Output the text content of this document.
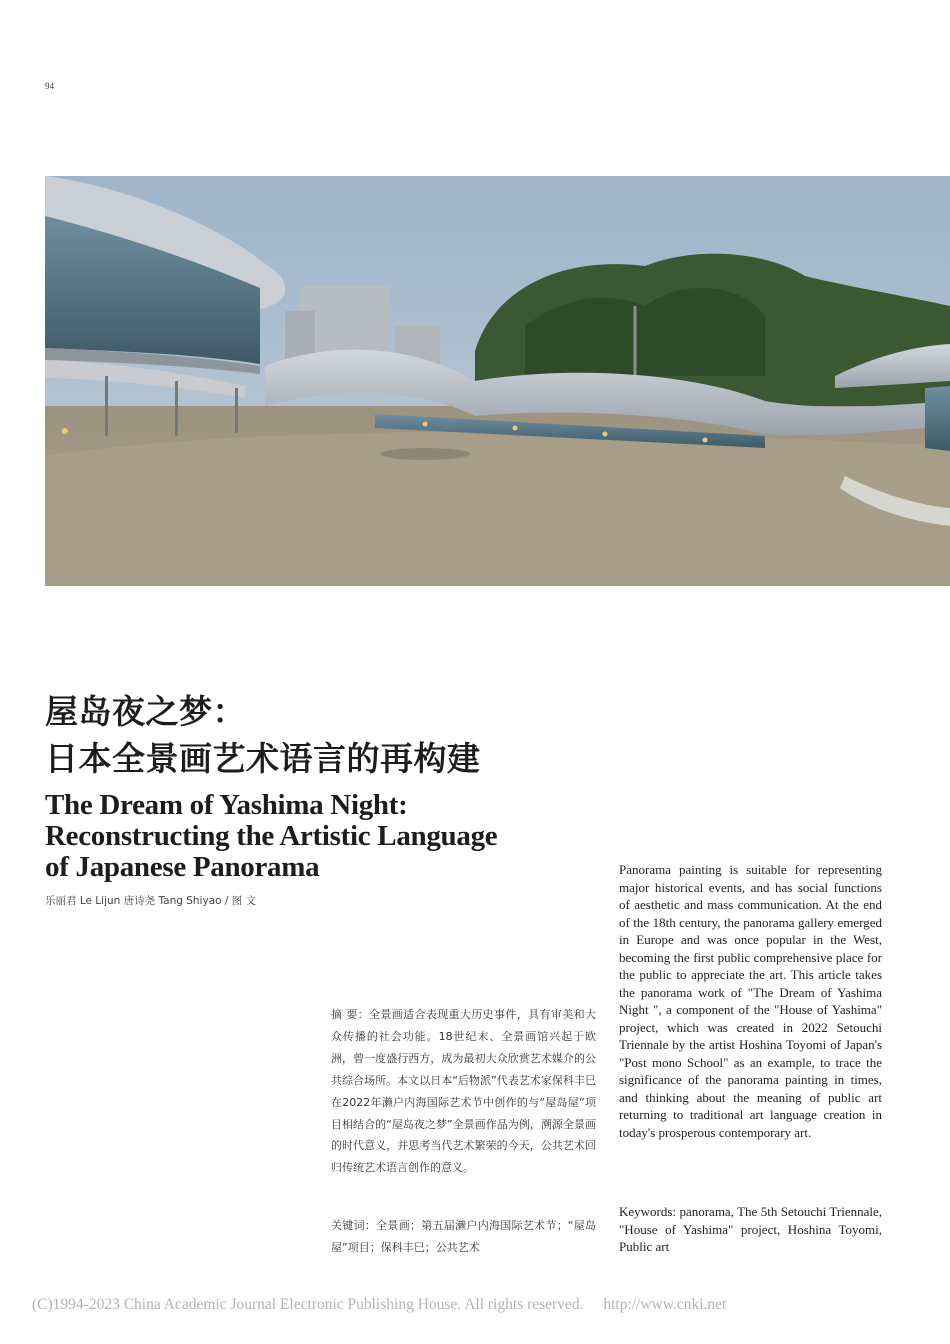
94
屋岛夜之梦：
日本全景画艺术语言的再构建
The Dream of Yashima Night:
Reconstructing the Artistic Language
of Japanese Panorama
乐丽君 Le Lijun 唐诗尧 Tang Shiyao / 图 文

摘 要：全景画适合表现重大历史事件，具有审美和大众传播的社会功能。18世纪末、全景画馆兴起于欧洲，曾一度盛行西方，成为最初大众欣赏艺术媒介的公共综合场所。本文以日本“后物派”代表艺术家保科丰巳在2022年濑户内海国际艺术节中创作的与“屋岛屋”项目相结合的“屋岛夜之梦”全景画作品为例，溯源全景画的时代意义，并思考当代艺术繁荣的今天，公共艺术回归传统艺术语言创作的意义。

关键词：全景画；第五届濑户内海国际艺术节；“屋岛屋”项目；保科丰巳；公共艺术

Panorama painting is suitable for representing major historical events, and has social functions of aesthetic and mass communication. At the end of the 18th century, the panorama gallery emerged in Europe and was once popular in the West, becoming the first public comprehensive place for the public to appreciate the art. This article takes the panorama work of "The Dream of Yashima Night ", a component of the "House of Yashima" project, which was created in 2022 Setouchi Triennale by the artist Hoshina Toyomi of Japan's "Post mono School" as an example, to trace the significance of the panorama painting in times, and thinking about the meaning of public art returning to traditional art language creation in today's prosperous contemporary art.

Keywords: panorama, The 5th Setouchi Triennale, "House of Yashima" project, Hoshina Toyomi, Public art

(C)1994-2023 China Academic Journal Electronic Publishing House. All rights reserved. http://www.cnki.net
